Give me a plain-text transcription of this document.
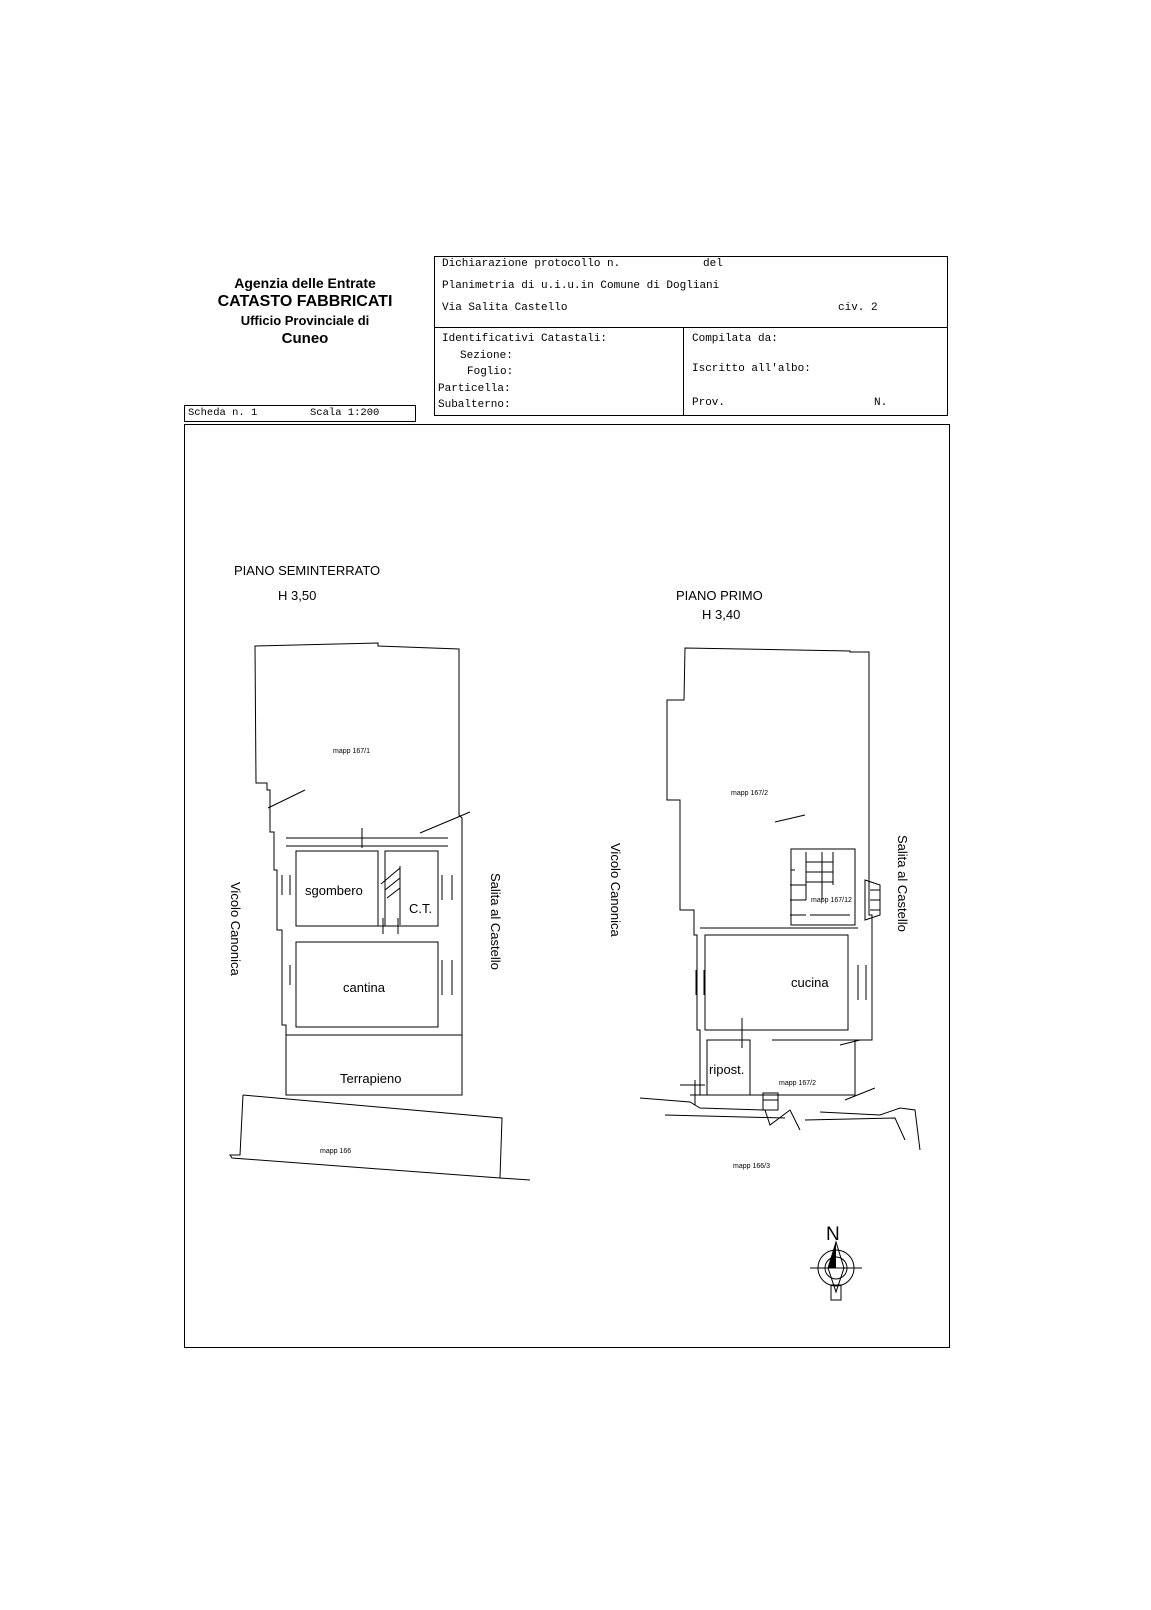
Agenzia delle Entrate
CATASTO FABBRICATI
Ufficio Provinciale di
Cuneo
Dichiarazione protocollo n.	del
Planimetria di u.i.u.in Comune di Dogliani
Via Salita Castello	civ. 2
Identificativi Catastali:
Sezione:
Foglio:
Particella:
Subalterno:
Compilata da:
Iscritto all'albo:
Prov.	N.
Scheda n. 1	Scala 1:200
PIANO SEMINTERRATO
H 3,50
mapp 167/1
sgombero
C.T.
cantina
Terrapieno
mapp 166
Vicolo Canonica	Salita al Castello
PIANO PRIMO
H 3,40
mapp 167/2
mapp 167/12
cucina
ripost.
mapp 167/2
mapp 166/3
Vicolo Canonica	Salita al Castello
N
